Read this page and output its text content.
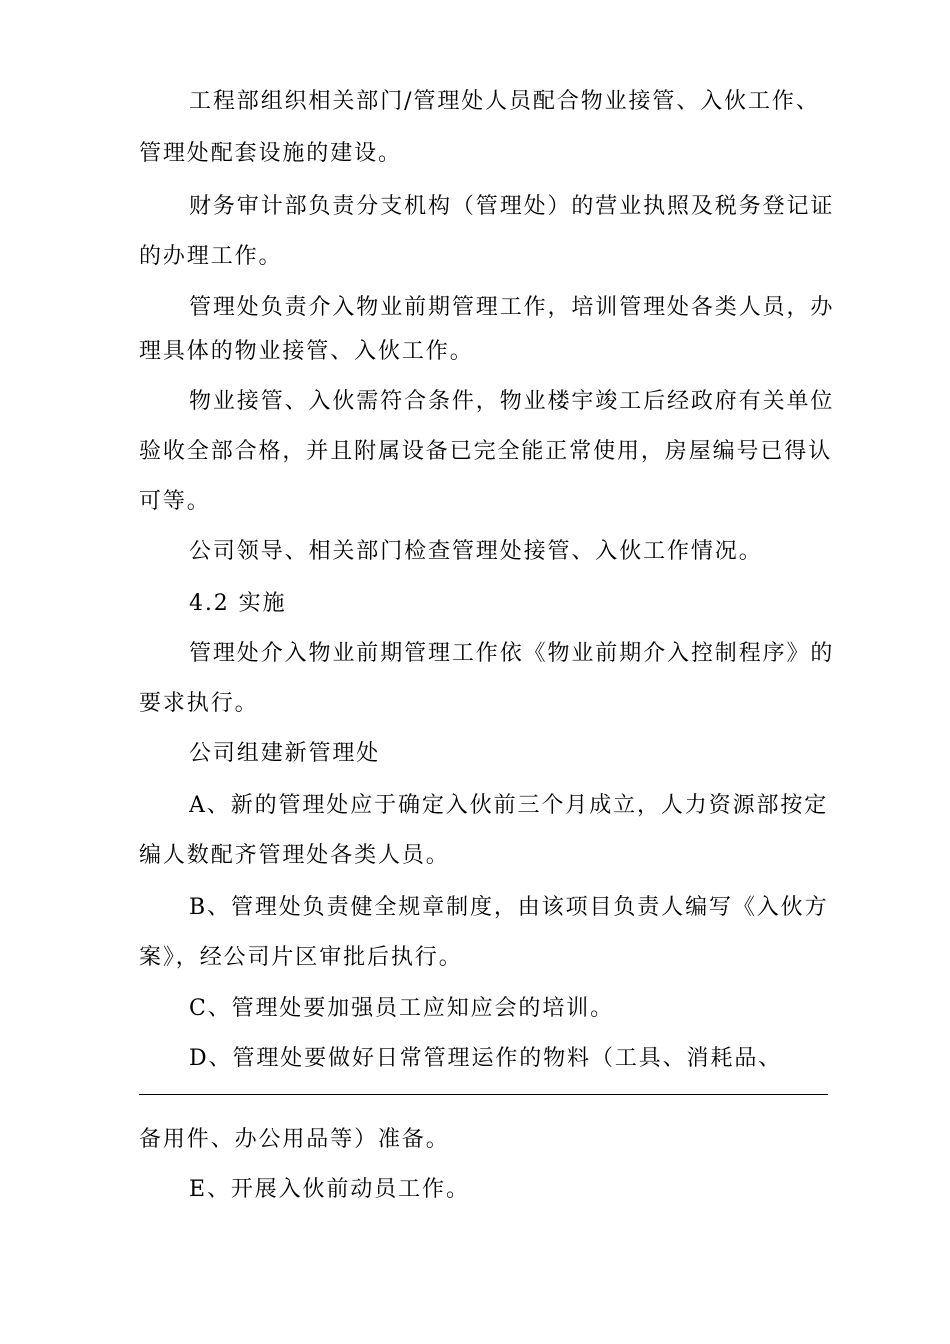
工程部组织相关部门/管理处人员配合物业接管、入伙工作、
管理处配套设施的建设。
财务审计部负责分支机构（管理处）的营业执照及税务登记证
的办理工作。
管理处负责介入物业前期管理工作，培训管理处各类人员，办
理具体的物业接管、入伙工作。
物业接管、入伙需符合条件，物业楼宇竣工后经政府有关单位
验收全部合格，并且附属设备已完全能正常使用，房屋编号已得认
可等。
公司领导、相关部门检查管理处接管、入伙工作情况。
4.2 实施
管理处介入物业前期管理工作依《物业前期介入控制程序》的
要求执行。
公司组建新管理处
A、新的管理处应于确定入伙前三个月成立，人力资源部按定
编人数配齐管理处各类人员。
B、管理处负责健全规章制度，由该项目负责人编写《入伙方
案》，经公司片区审批后执行。
C、管理处要加强员工应知应会的培训。
D、管理处要做好日常管理运作的物料（工具、消耗品、
备用件、办公用品等）准备。
E、开展入伙前动员工作。
